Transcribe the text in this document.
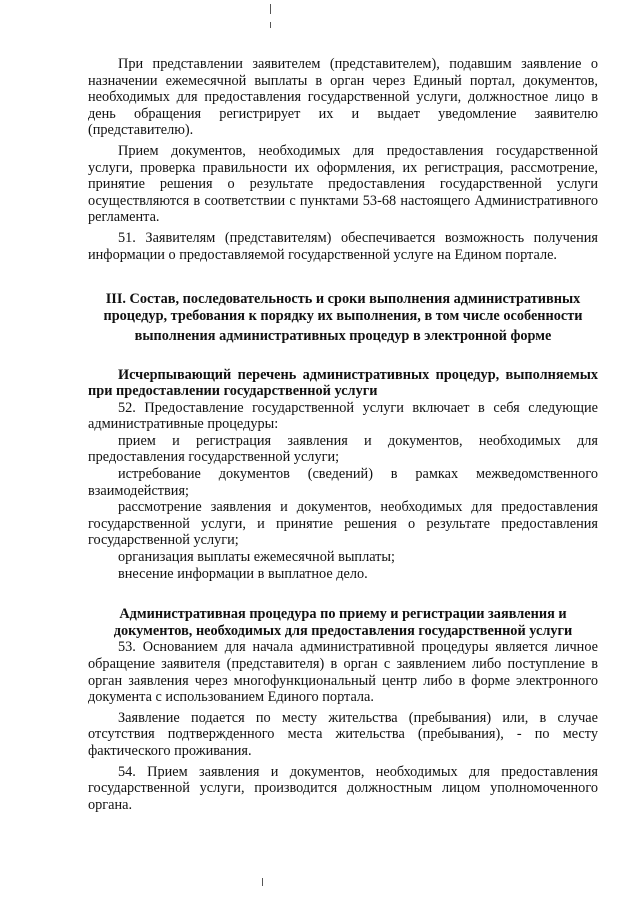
При представлении заявителем (представителем), подавшим заявление о назначении ежемесячной выплаты в орган через Единый портал, документов, необходимых для предоставления государственной услуги, должностное лицо в день обращения регистрирует их и выдает уведомление заявителю (представителю).

Прием документов, необходимых для предоставления государственной услуги, проверка правильности их оформления, их регистрация, рассмотрение, принятие решения о результате предоставления государственной услуги осуществляются в соответствии с пунктами 53-68 настоящего Административного регламента.

51. Заявителям (представителям) обеспечивается возможность получения информации о предоставляемой государственной услуге на Едином портале.

III. Состав, последовательность и сроки выполнения административных процедур, требования к порядку их выполнения, в том числе особенности

выполнения административных процедур в электронной форме

Исчерпывающий перечень административных процедур, выполняемых при предоставлении государственной услуги

52. Предоставление государственной услуги включает в себя следующие административные процедуры:

прием и регистрация заявления и документов, необходимых для предоставления государственной услуги;

истребование документов (сведений) в рамках межведомственного взаимодействия;

рассмотрение заявления и документов, необходимых для предоставления государственной услуги, и принятие решения о результате предоставления государственной услуги;

организация выплаты ежемесячной выплаты;

внесение информации в выплатное дело.

Административная процедура по приему и регистрации заявления и документов, необходимых для предоставления государственной услуги

53. Основанием для начала административной процедуры является личное обращение заявителя (представителя) в орган с заявлением либо поступление в орган заявления через многофункциональный центр либо в форме электронного документа с использованием Единого портала.

Заявление подается по месту жительства (пребывания) или, в случае отсутствия подтвержденного места жительства (пребывания), - по месту фактического проживания.

54. Прием заявления и документов, необходимых для предоставления государственной услуги, производится должностным лицом уполномоченного органа.
